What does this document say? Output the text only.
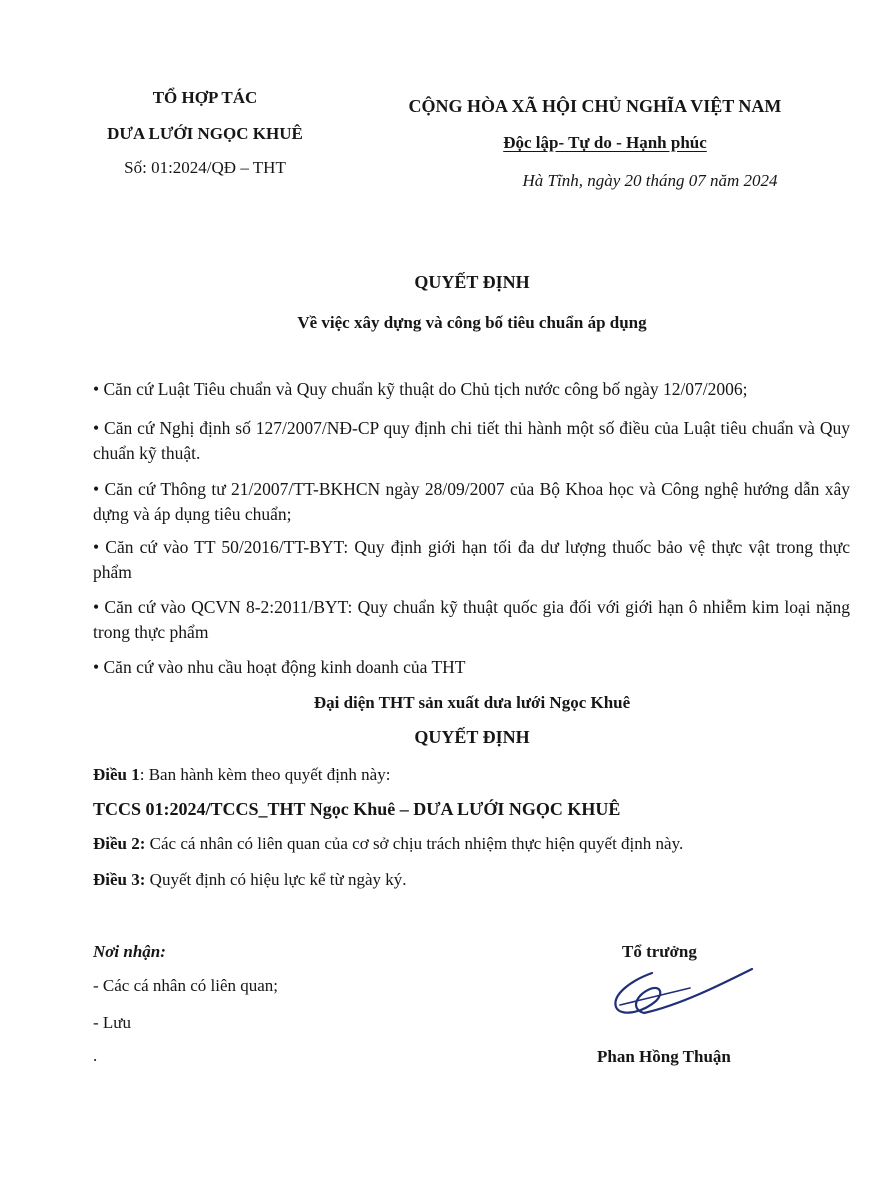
TỔ HỢP TÁC
DƯA LƯỚI NGỌC KHUÊ
Số: 01:2024/QĐ – THT
CỘNG HÒA XÃ HỘI CHỦ NGHĨA VIỆT NAM
Độc lập- Tự do - Hạnh phúc
Hà Tĩnh, ngày 20 tháng 07 năm 2024
QUYẾT ĐỊNH
Về việc xây dựng và công bố tiêu chuẩn áp dụng
• Căn cứ Luật Tiêu chuẩn và Quy chuẩn kỹ thuật do Chủ tịch nước công bố ngày 12/07/2006;
• Căn cứ Nghị định số 127/2007/NĐ-CP quy định chi tiết thi hành một số điều của Luật tiêu chuẩn và Quy chuẩn kỹ thuật.
• Căn cứ Thông tư 21/2007/TT-BKHCN ngày 28/09/2007 của Bộ Khoa học và Công nghệ hướng dẫn xây dựng và áp dụng tiêu chuẩn;
• Căn cứ vào TT 50/2016/TT-BYT: Quy định giới hạn tối đa dư lượng thuốc bảo vệ thực vật trong thực phẩm
• Căn cứ vào QCVN 8-2:2011/BYT: Quy chuẩn kỹ thuật quốc gia đối với giới hạn ô nhiễm kim loại nặng trong thực phẩm
• Căn cứ vào nhu cầu hoạt động kinh doanh của THT
Đại diện THT sản xuất dưa lưới Ngọc Khuê
QUYẾT ĐỊNH
Điều 1: Ban hành kèm theo quyết định này:
TCCS 01:2024/TCCS_THT Ngọc Khuê – DƯA LƯỚI NGỌC KHUÊ
Điều 2: Các cá nhân có liên quan của cơ sở chịu trách nhiệm thực hiện quyết định này.
Điều 3: Quyết định có hiệu lực kể từ ngày ký.
Nơi nhận:
- Các cá nhân có liên quan;
- Lưu
.
Tổ trưởng
Phan Hồng Thuận
